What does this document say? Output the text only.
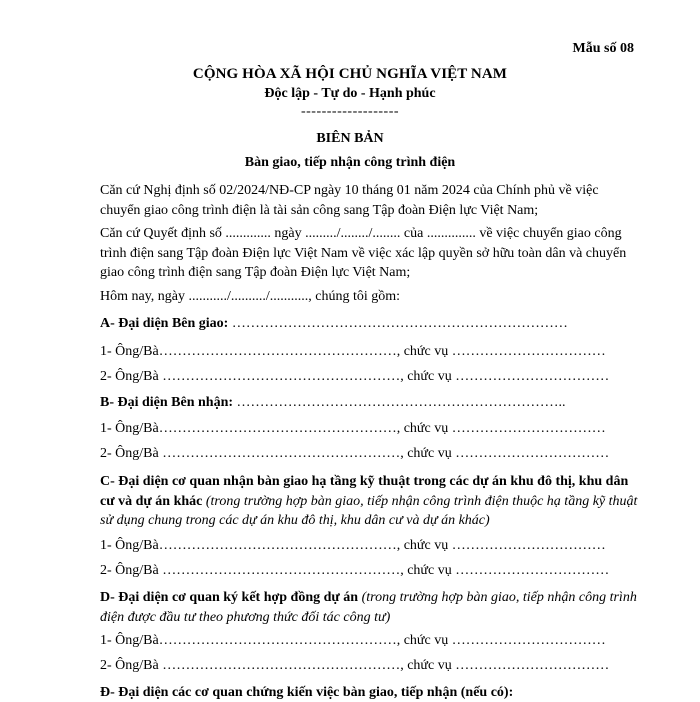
Mẫu số 08
CỘNG HÒA XÃ HỘI CHỦ NGHĨA VIỆT NAM
Độc lập - Tự do - Hạnh phúc
-------------------
BIÊN BẢN
Bàn giao, tiếp nhận công trình điện
Căn cứ Nghị định số 02/2024/NĐ-CP ngày 10 tháng 01 năm 2024 của Chính phủ về việc chuyển giao công trình điện là tài sản công sang Tập đoàn Điện lực Việt Nam;
Căn cứ Quyết định số ............. ngày ........./......../........ của .............. về việc chuyển giao công trình điện sang Tập đoàn Điện lực Việt Nam về việc xác lập quyền sở hữu toàn dân và chuyển giao công trình điện sang Tập đoàn Điện lực Việt Nam;
Hôm nay, ngày .........../........../..........., chúng tôi gồm:
A- Đại diện Bên giao: ………………………………………………………………
1- Ông/Bà……………………………………………, chức vụ ……………………………
2- Ông/Bà ……………………………………………, chức vụ ……………………………
B- Đại diện Bên nhận: ……………………………………………………………..
1- Ông/Bà……………………………………………, chức vụ ……………………………
2- Ông/Bà ……………………………………………, chức vụ ……………………………
C- Đại diện cơ quan nhận bàn giao hạ tầng kỹ thuật trong các dự án khu đô thị, khu dân cư và dự án khác (trong trường hợp bàn giao, tiếp nhận công trình điện thuộc hạ tầng kỹ thuật sử dụng chung trong các dự án khu đô thị, khu dân cư và dự án khác)
1- Ông/Bà……………………………………………, chức vụ ……………………………
2- Ông/Bà ……………………………………………, chức vụ ……………………………
D- Đại diện cơ quan ký kết hợp đồng dự án (trong trường hợp bàn giao, tiếp nhận công trình điện được đầu tư theo phương thức đối tác công tư)
1- Ông/Bà……………………………………………, chức vụ ……………………………
2- Ông/Bà ……………………………………………, chức vụ ……………………………
Đ- Đại diện các cơ quan chứng kiến việc bàn giao, tiếp nhận (nếu có):
